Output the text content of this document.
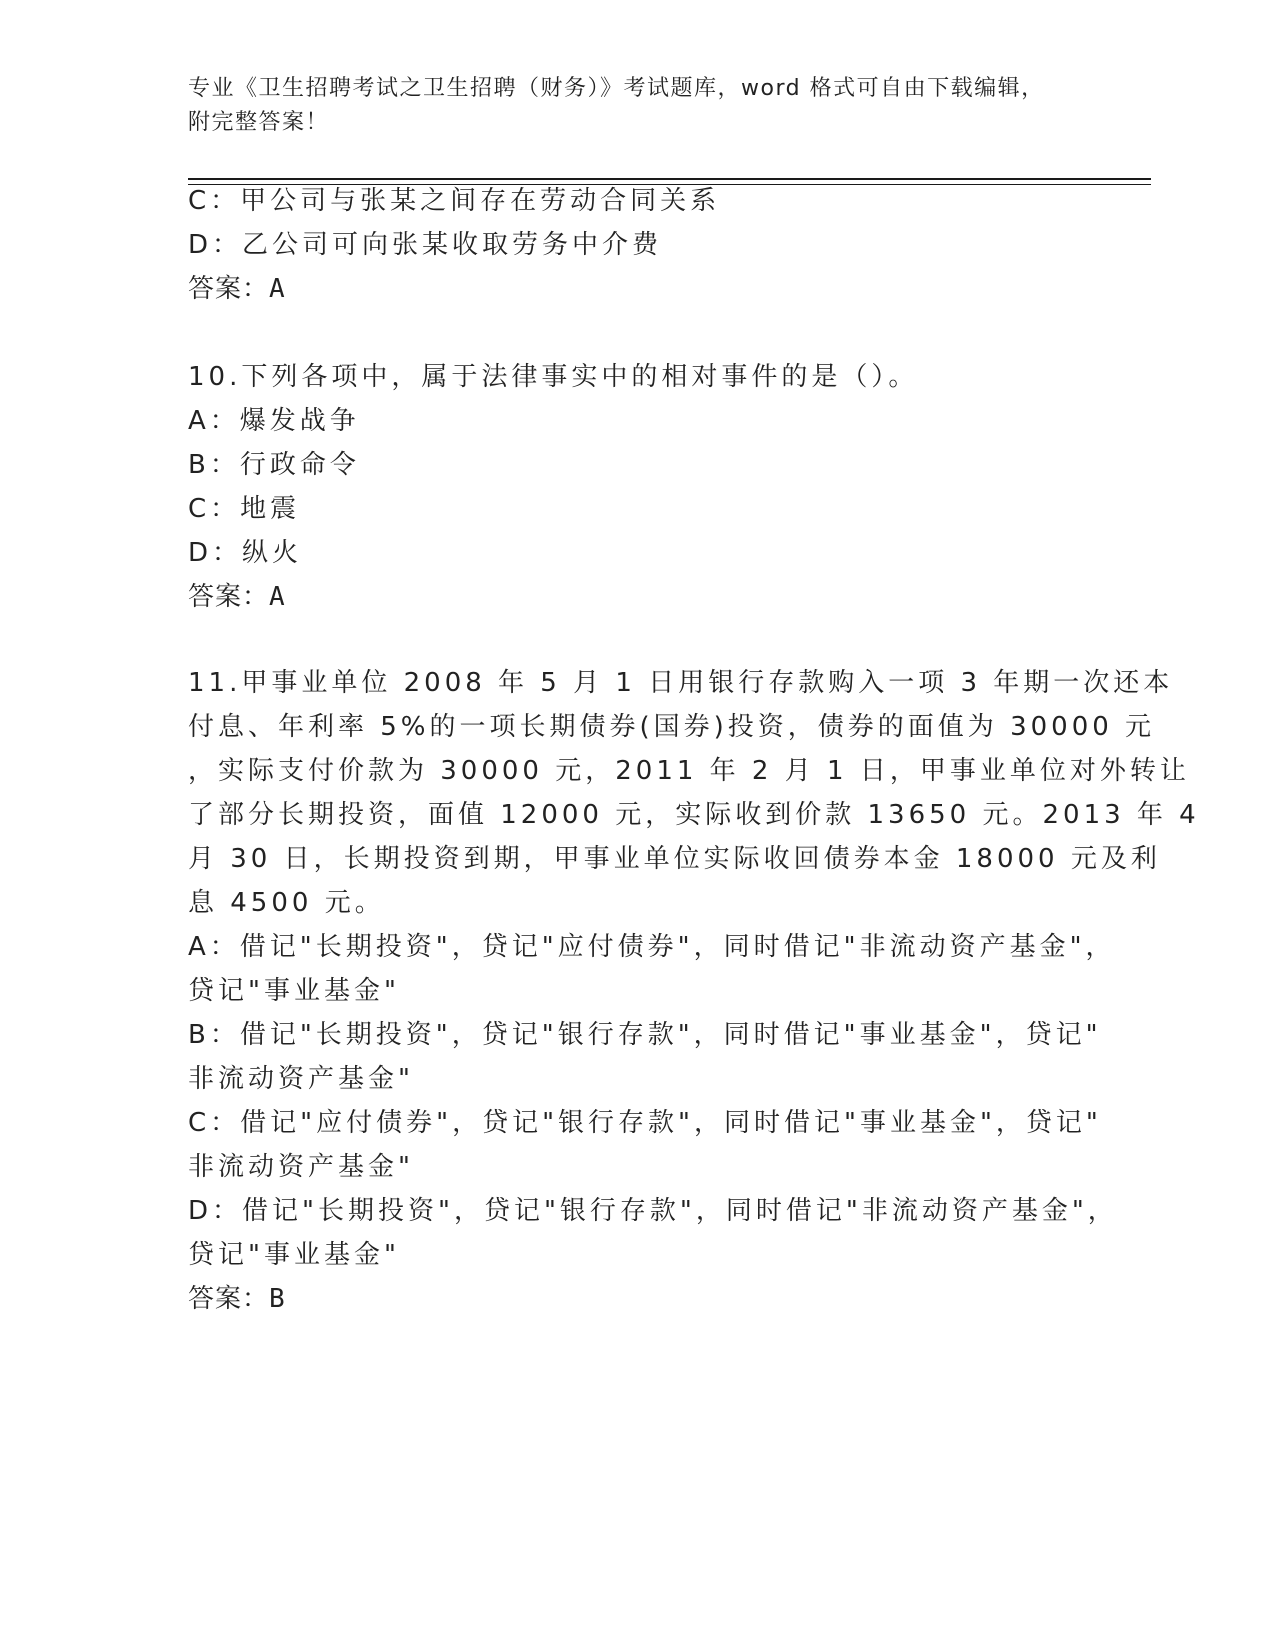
专业《卫生招聘考试之卫生招聘（财务）》考试题库，word 格式可自由下载编辑，附完整答案！
C：甲公司与张某之间存在劳动合同关系
D：乙公司可向张某收取劳务中介费
答案：A
10.下列各项中，属于法律事实中的相对事件的是（）。
A：爆发战争
B：行政命令
C：地震
D：纵火
答案：A
11.甲事业单位 2008 年 5 月 1 日用银行存款购入一项 3 年期一次还本
付息、年利率 5%的一项长期债券(国券)投资，债券的面值为 30000 元
，实际支付价款为 30000 元，2011 年 2 月 1 日，甲事业单位对外转让
了部分长期投资，面值 12000 元，实际收到价款 13650 元。2013 年 4
月 30 日，长期投资到期，甲事业单位实际收回债券本金 18000 元及利
息 4500 元。
A：借记"长期投资"，贷记"应付债券"，同时借记"非流动资产基金"，
贷记"事业基金"
B：借记"长期投资"，贷记"银行存款"，同时借记"事业基金"，贷记"
非流动资产基金"
C：借记"应付债券"，贷记"银行存款"，同时借记"事业基金"，贷记"
非流动资产基金"
D：借记"长期投资"，贷记"银行存款"，同时借记"非流动资产基金"，
贷记"事业基金"
答案：B
